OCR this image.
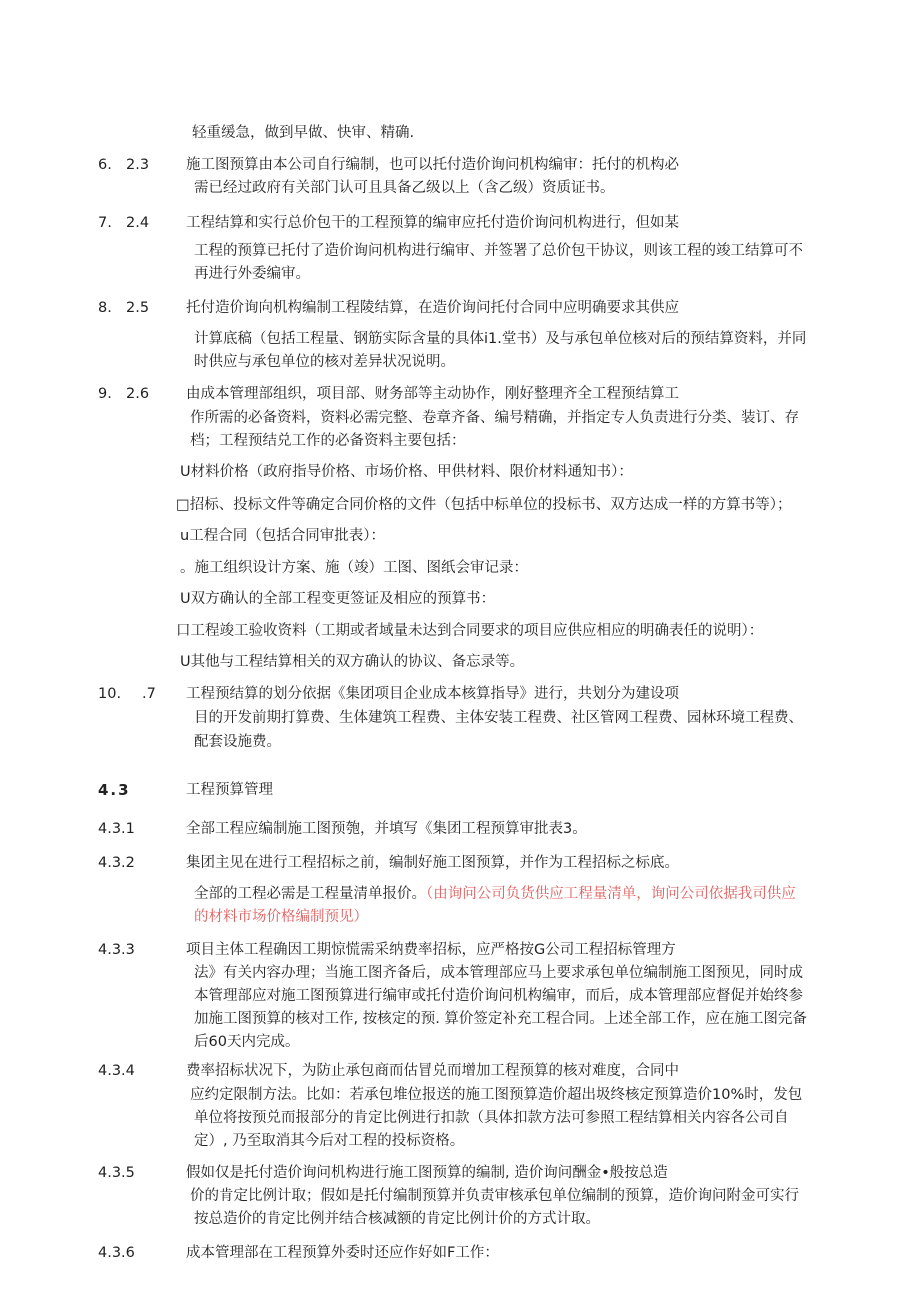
轻重缓急，做到早做、快审、精确.
6. 2.3	施工图预算由本公司自行编制，也可以托付造价询问机构编审：托付的机构必
需已经过政府有关部门认可且具备乙级以上（含乙级）资质证书。
7. 2.4	工程结算和实行总价包干的工程预算的编审应托付造价询问机构进行，但如某
工程的预算已托付了造价询问机构进行编审、并签署了总价包干协议，则该工程的竣工结算可不
再进行外委编审。
8. 2.5	托付造价询向机构编制工程陵结算，在造价询问托付合同中应明确要求其供应
计算底稿（包括工程量、钢筋实际含量的具体i1.堂书）及与承包单位核对后的预结算资料，并同
时供应与承包单位的核对差异状况说明。
9. 2.6	由成本管理部组织，项目部、财务部等主动协作，刚好整理齐全工程预结算工
作所需的必备资料，资料必需完整、卷章齐备、编号精确，并指定专人负责进行分类、装订、存
档；工程预结兑工作的必备资料主要包括：
U材料价格（政府指导价格、市场价格、甲供材料、限价材料通知书）：
□招标、投标文件等确定合同价格的文件（包括中标单位的投标书、双方达成一样的方算书等）；
u工程合同（包括合同审批表）：
。施工组织设计方案、施（竣）工图、图纸会审记录：
U双方确认的全部工程变更签证及相应的预算书：
口工程竣工验收资料（工期或者域量未达到合同要求的项目应供应相应的明确表任的说明）：
U其他与工程结算相关的双方确认的协议、备忘录等。
10. .7 工程预结算的划分依据《集团项目企业成本核算指导》进行，共划分为建设项
目的开发前期打算费、生体建筑工程费、主体安装工程费、社区管网工程费、园林环境工程费、
配套设施费。
4.3	工程预算管理
4.3.1	全部工程应编制施工图预匏，并填写《集团工程预算审批表3。
4.3.2	集团主见在进行工程招标之前，编制好施工图预算，并作为工程招标之标底。
全部的工程必需是工程量清单报价。（由询问公司负货供应工程量清单，询问公司依据我司供应
的材料市场价格编制预见）
4.3.3	项目主体工程确因工期惊慌需采纳费率招标，应严格按G公司工程招标管理方
法》有关内容办理；当施工图齐备后，成本管理部应马上要求承包单位编制施工图预见，同时成
本管理部应对施工图预算进行编审或托付造价询问机构编审，而后，成本管理部应督促并始终参
加施工图预算的核对工作, 按核定的预. 算价签定补充工程合同。上述全部工作，应在施工图完备
后60天内完成。
4.3.4	费率招标状况下，为防止承包商而估冒兑而增加工程预算的核对难度，合同中
应约定限制方法。比如：若承包堆位报送的施工图预算造价超出圾终核定预算造价10%时，发包
单位将按预兑而报部分的肯定比例进行扣款（具体扣款方法可参照工程结算相关内容各公司自
定）, 乃至取消其今后对工程的投标资格。
4.3.5	假如仅是托付造价询问机构进行施工图预算的编制, 造价询问酬金•般按总造
价的肯定比例计取；假如是托付编制预算并负责审核承包单位编制的预算，造价询问附金可实行
按总造价的肯定比例并结合核减额的肯定比例计价的方式计取。
4.3.6	成本管理部在工程预算外委时还应作好如F工作：
